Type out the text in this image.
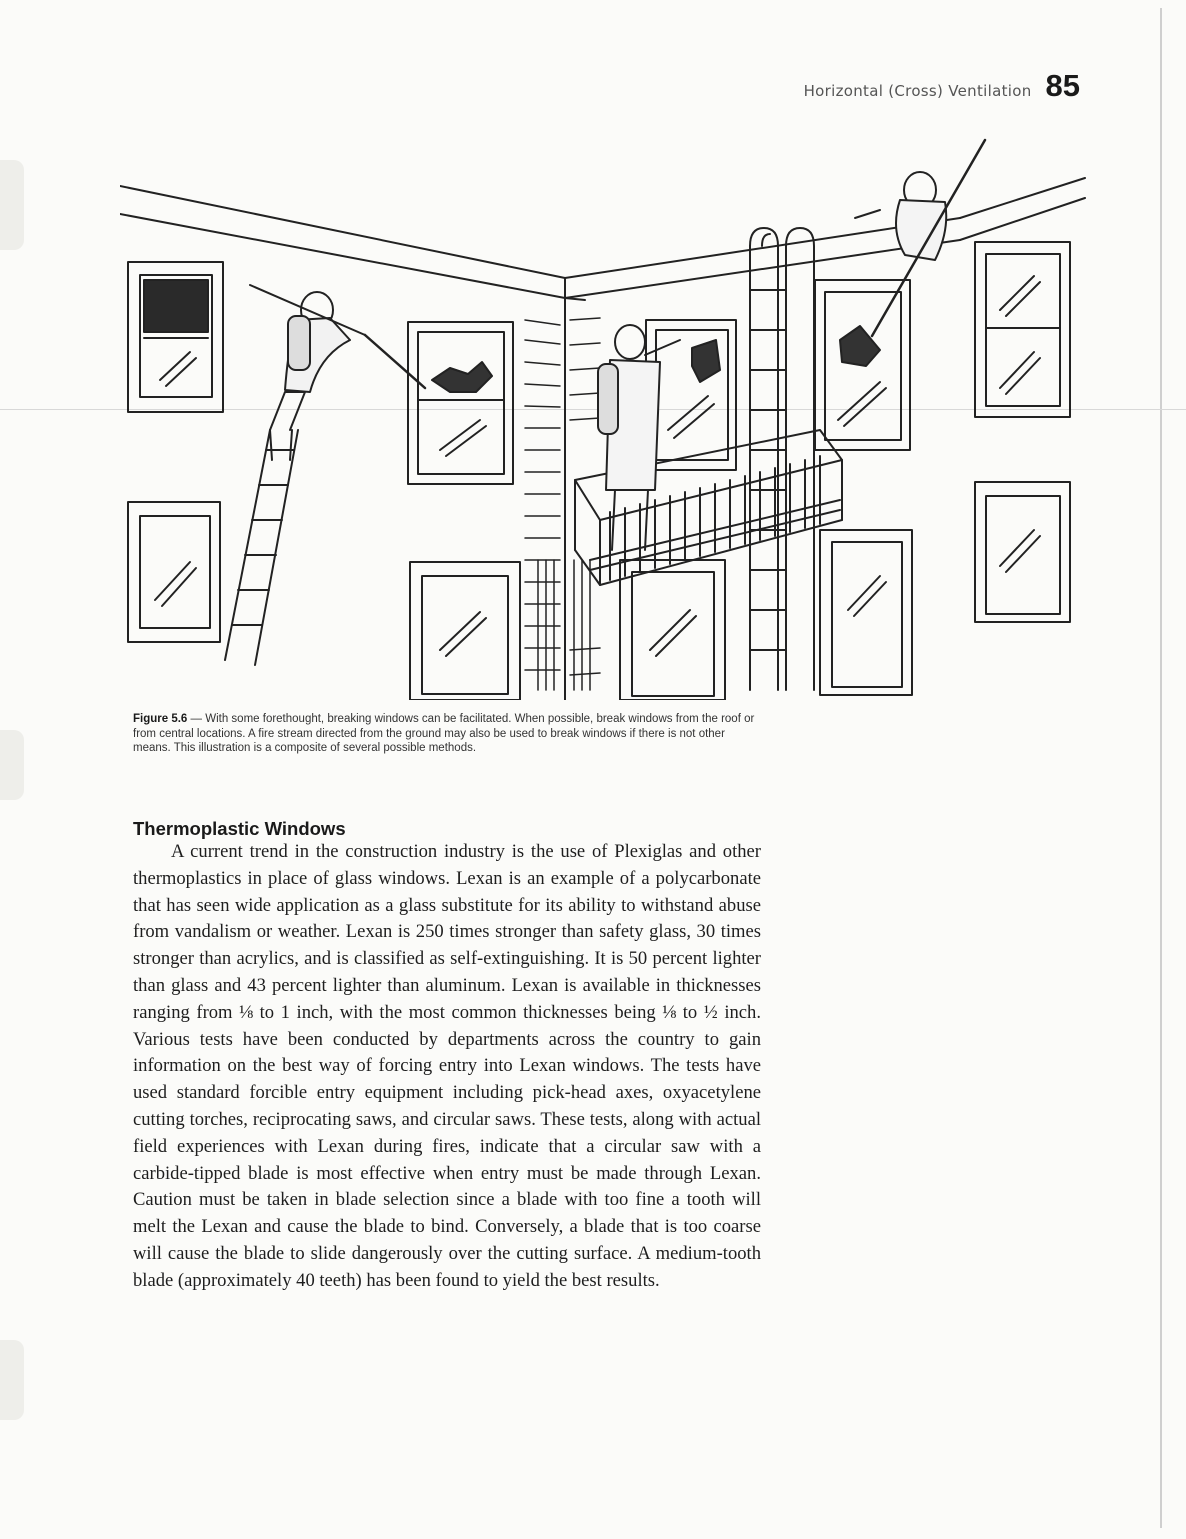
Horizontal (Cross) Ventilation 85
Figure 5.6 — With some forethought, breaking windows can be facilitated. When possible, break windows from the roof or from central locations. A fire stream directed from the ground may also be used to break windows if there is not other means. This illustration is a composite of several possible methods.
Thermoplastic Windows

A current trend in the construction industry is the use of Plexiglas and other thermoplastics in place of glass windows. Lexan is an example of a polycarbonate that has seen wide application as a glass substitute for its ability to withstand abuse from vandalism or weather. Lexan is 250 times stronger than safety glass, 30 times stronger than acrylics, and is classified as self-extinguishing. It is 50 percent lighter than glass and 43 percent lighter than aluminum. Lexan is available in thicknesses ranging from ⅛ to 1 inch, with the most common thicknesses being ⅛ to ½ inch. Various tests have been conducted by departments across the country to gain information on the best way of forcing entry into Lexan windows. The tests have used standard forcible entry equipment including pick-head axes, oxyacetylene cutting torches, reciprocating saws, and circular saws. These tests, along with actual field experiences with Lexan during fires, indicate that a circular saw with a carbide-tipped blade is most effective when entry must be made through Lexan. Caution must be taken in blade selection since a blade with too fine a tooth will melt the Lexan and cause the blade to bind. Conversely, a blade that is too coarse will cause the blade to slide dangerously over the cutting surface. A medium-tooth blade (approximately 40 teeth) has been found to yield the best results.
